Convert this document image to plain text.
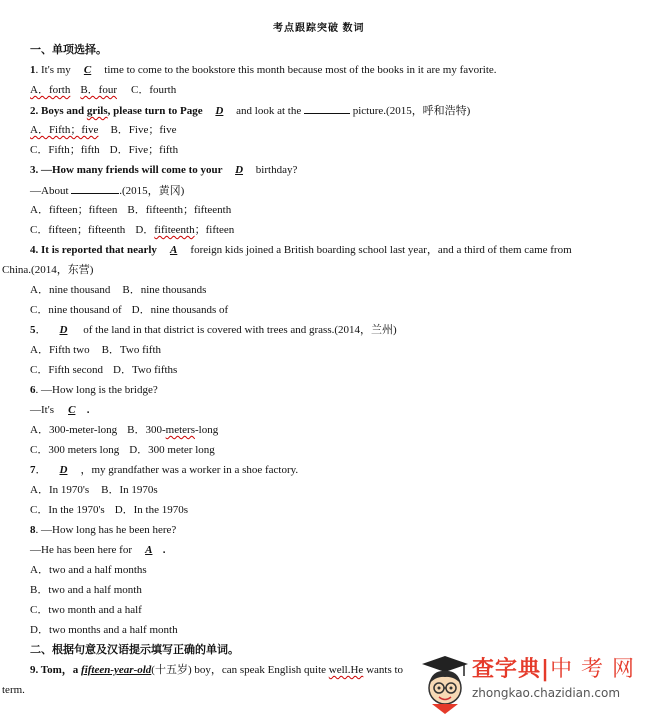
考点跟踪突破 数词
一、单项选择。
1. It's my C time to come to the bookstore this month because most of the books in it are my favorite.
A．forth B．four C．fourth
2. Boys and grils, please turn to Page D and look at the	picture.(2015，呼和浩特)
A．Fifth；five B．Five；five
C．Fifth；fifth D．Five；fifth
3. —How many friends will come to your D birthday?
—About	.(2015，黄冈)
A．fifteen；fifteen B．fifteenth；fifteenth
C．fifteen；fifteenth D．fifiteenth；fifteen
4. It is reported that nearly A foreign kids joined a British boarding school last year，and a third of them came from
China.(2014，东营)
A．nine thousand B．nine thousands
C．nine thousand of D．nine thousands of
5． D of the land in that district is covered with trees and grass.(2014，兰州)
A．Fifth two B．Two fifth
C．Fifth second D．Two fifths
6. —How long is the bridge?
—It's C .
A．300-meter-long B．300-meters-long
C．300 meters long D．300 meter long
7． D ，my grandfather was a worker in a shoe factory.
A．In 1970's B．In 1970s
C．In the 1970's D．In the 1970s
8. —How long has he been here?
—He has been here for A .
A．two and a half months
B．two and a half month
C．two month and a half
D．two months and a half month
二、根据句意及汉语提示填写正确的单词。
9. Tom，a fifteen-year-old(十五岁) boy，can speak English quite well.He wants to
term.
查字典|中 考 网
zhongkao.chazidian.com
